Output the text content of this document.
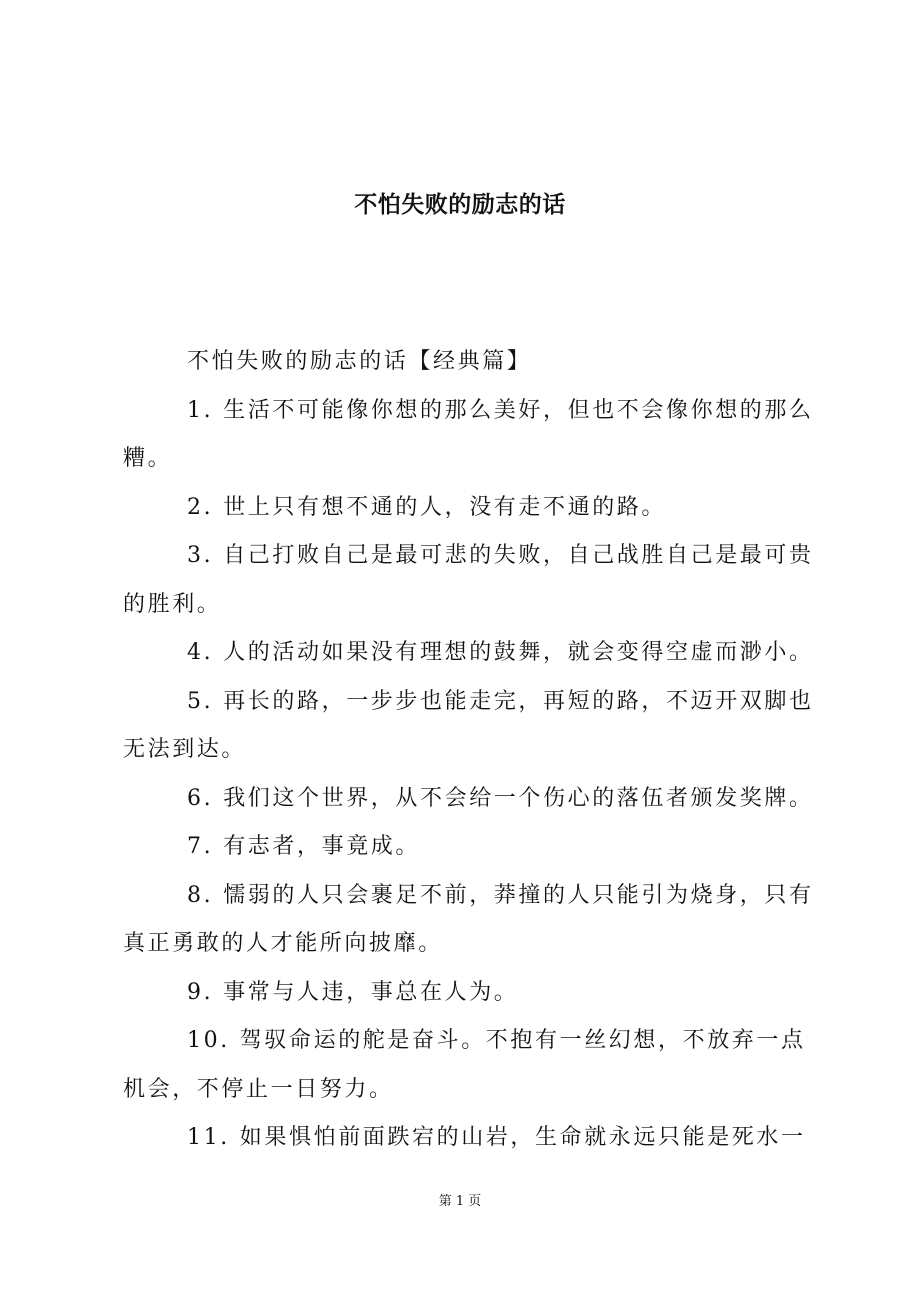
不怕失败的励志的话

不怕失败的励志的话【经典篇】

1. 生活不可能像你想的那么美好，但也不会像你想的那么糟。

2. 世上只有想不通的人，没有走不通的路。

3. 自己打败自己是最可悲的失败，自己战胜自己是最可贵的胜利。

4. 人的活动如果没有理想的鼓舞，就会变得空虚而渺小。

5. 再长的路，一步步也能走完，再短的路，不迈开双脚也无法到达。

6. 我们这个世界，从不会给一个伤心的落伍者颁发奖牌。

7. 有志者，事竟成。

8. 懦弱的人只会裹足不前，莽撞的人只能引为烧身，只有真正勇敢的人才能所向披靡。

9. 事常与人违，事总在人为。

10. 驾驭命运的舵是奋斗。不抱有一丝幻想，不放弃一点机会，不停止一日努力。

11. 如果惧怕前面跌宕的山岩，生命就永远只能是死水一

第 1 页
